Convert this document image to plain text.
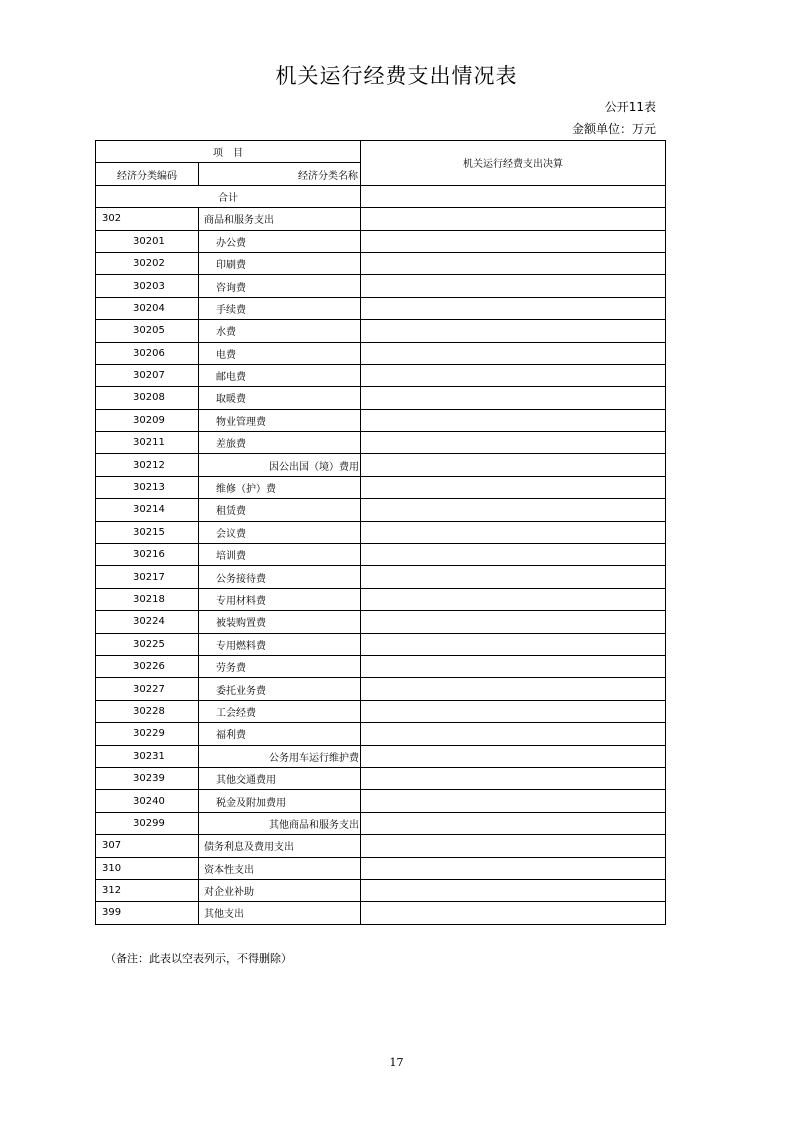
机关运行经费支出情况表
公开11表
金额单位：万元
项　目		机关运行经费支出决算
经济分类编码	经济分类名称	
合计		
302	商品和服务支出	
30201	办公费	
30202	印刷费	
30203	咨询费	
30204	手续费	
30205	水费	
30206	电费	
30207	邮电费	
30208	取暖费	
30209	物业管理费	
30211	差旅费	
30212	因公出国（境）费用	
30213	维修（护）费	
30214	租赁费	
30215	会议费	
30216	培训费	
30217	公务接待费	
30218	专用材料费	
30224	被装购置费	
30225	专用燃料费	
30226	劳务费	
30227	委托业务费	
30228	工会经费	
30229	福利费	
30231	公务用车运行维护费	
30239	其他交通费用	
30240	税金及附加费用	
30299	其他商品和服务支出	
307	债务利息及费用支出	
310	资本性支出	
312	对企业补助	
399	其他支出	
（备注：此表以空表列示，不得删除）
17
